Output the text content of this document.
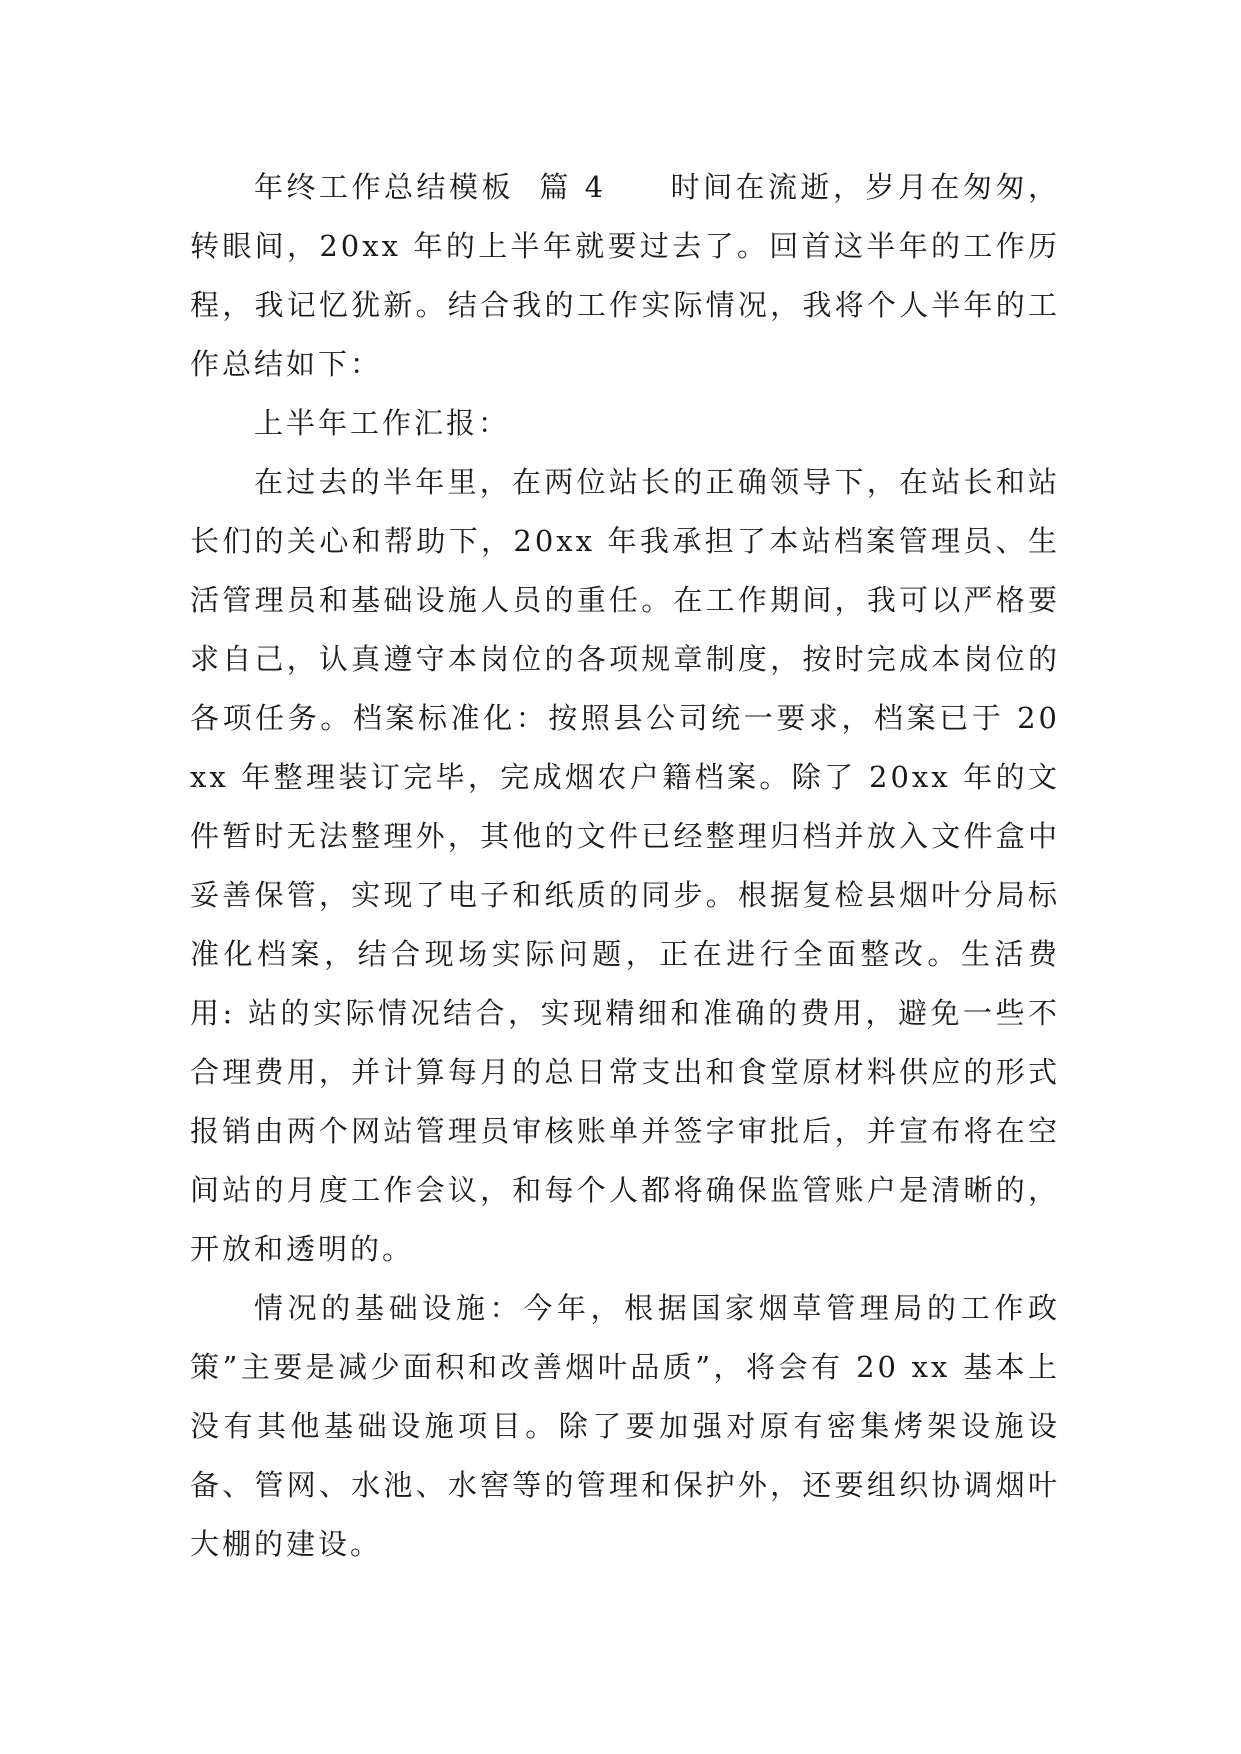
年终工作总结模板 篇 4 时间在流逝，岁月在匆匆，转眼间，20xx 年的上半年就要过去了。回首这半年的工作历程，我记忆犹新。结合我的工作实际情况，我将个人半年的工作总结如下：

上半年工作汇报：

在过去的半年里，在两位站长的正确领导下，在站长和站长们的关心和帮助下，20xx 年我承担了本站档案管理员、生活管理员和基础设施人员的重任。在工作期间，我可以严格要求自己，认真遵守本岗位的各项规章制度，按时完成本岗位的各项任务。档案标准化：按照县公司统一要求，档案已于 20xx 年整理装订完毕，完成烟农户籍档案。除了 20xx 年的文件暂时无法整理外，其他的文件已经整理归档并放入文件盒中妥善保管，实现了电子和纸质的同步。根据复检县烟叶分局标准化档案，结合现场实际问题，正在进行全面整改。生活费用: 站的实际情况结合，实现精细和准确的费用，避免一些不合理费用，并计算每月的总日常支出和食堂原材料供应的形式报销由两个网站管理员审核账单并签字审批后，并宣布将在空间站的月度工作会议，和每个人都将确保监管账户是清晰的，开放和透明的。

情况的基础设施：今年，根据国家烟草管理局的工作政策”主要是减少面积和改善烟叶品质”，将会有 20 xx 基本上没有其他基础设施项目。除了要加强对原有密集烤架设施设备、管网、水池、水窖等的管理和保护外，还要组织协调烟叶大棚的建设。
